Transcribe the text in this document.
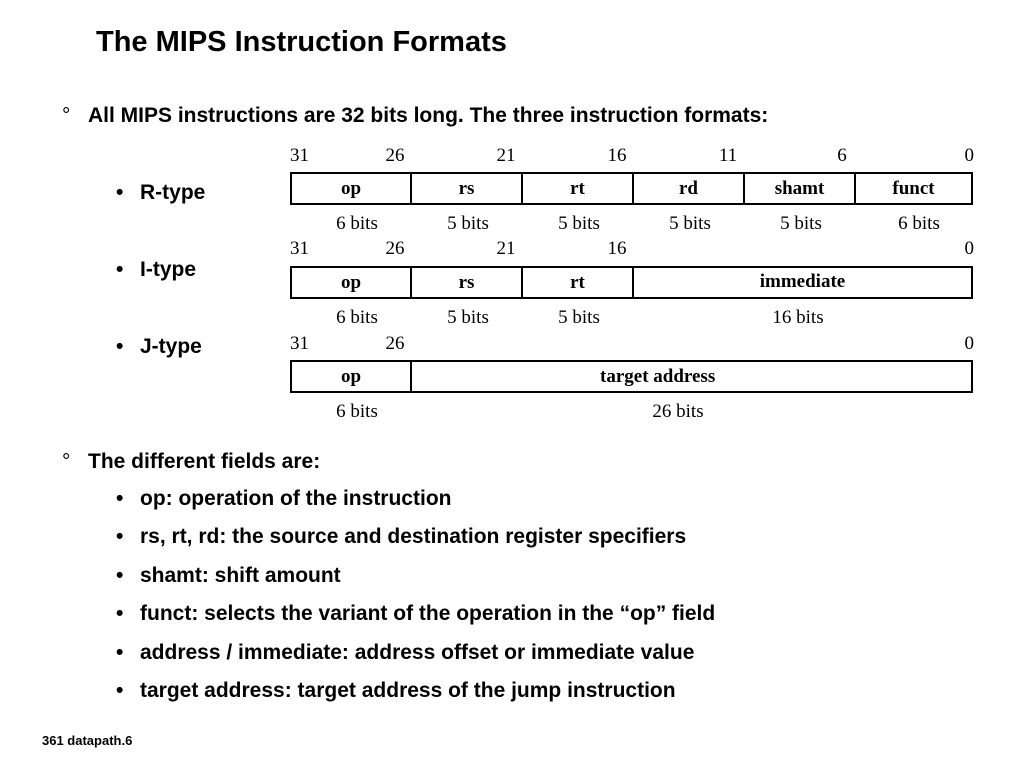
The MIPS Instruction Formats
° All MIPS instructions are 32 bits long. The three instruction formats:
• R-type
• I-type
• J-type
31	26	21	16	11	6	0
op	rs	rt	rd	shamt	funct
6 bits	5 bits	5 bits	5 bits	5 bits	6 bits
31	26	21	16	0
op	rs	rt	immediate
6 bits	5 bits	5 bits	16 bits
31	26	0
op	target address
6 bits	26 bits
° The different fields are:
• op: operation of the instruction
• rs, rt, rd: the source and destination register specifiers
• shamt: shift amount
• funct: selects the variant of the operation in the “op” field
• address / immediate: address offset or immediate value
• target address: target address of the jump instruction
361 datapath.6
